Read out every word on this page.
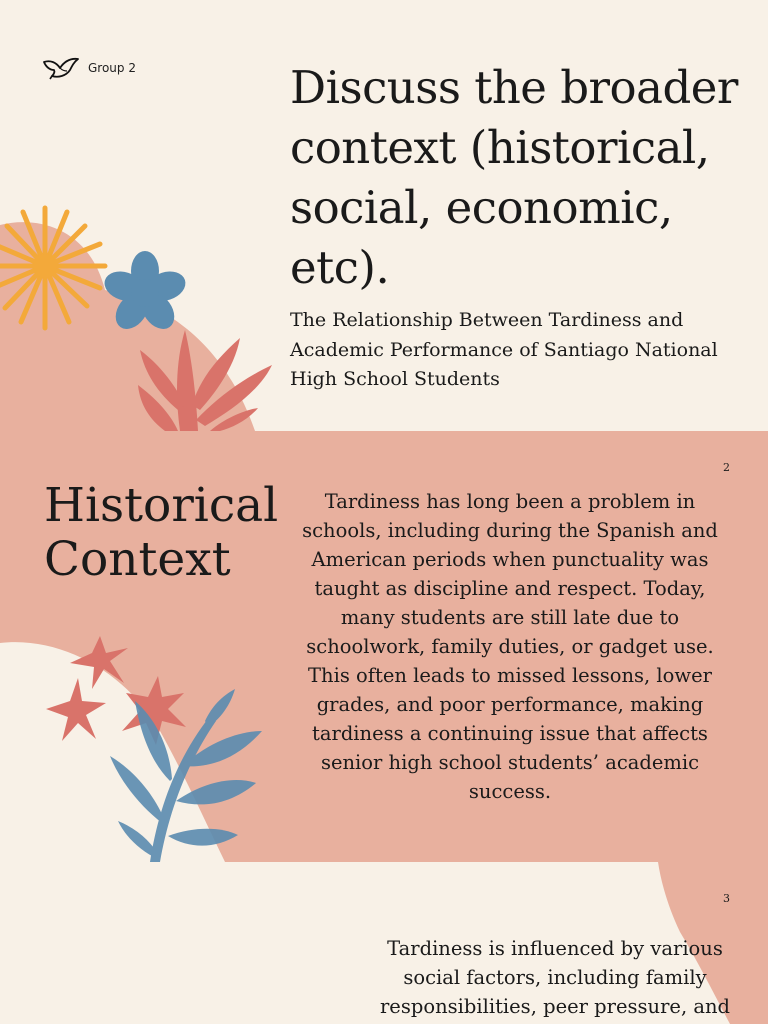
Group 2	Discuss the broader context (historical, social, economic, etc).

The Relationship Between Tardiness and Academic Performance of Santiago National High School Students

2
Historical
Context

Tardiness has long been a problem in schools, including during the Spanish and American periods when punctuality was taught as discipline and respect. Today, many students are still late due to schoolwork, family duties, or gadget use. This often leads to missed lessons, lower grades, and poor performance, making tardiness a continuing issue that affects senior high school students’ academic success.

3

Tardiness is influenced by various social factors, including family responsibilities, peer pressure, and
